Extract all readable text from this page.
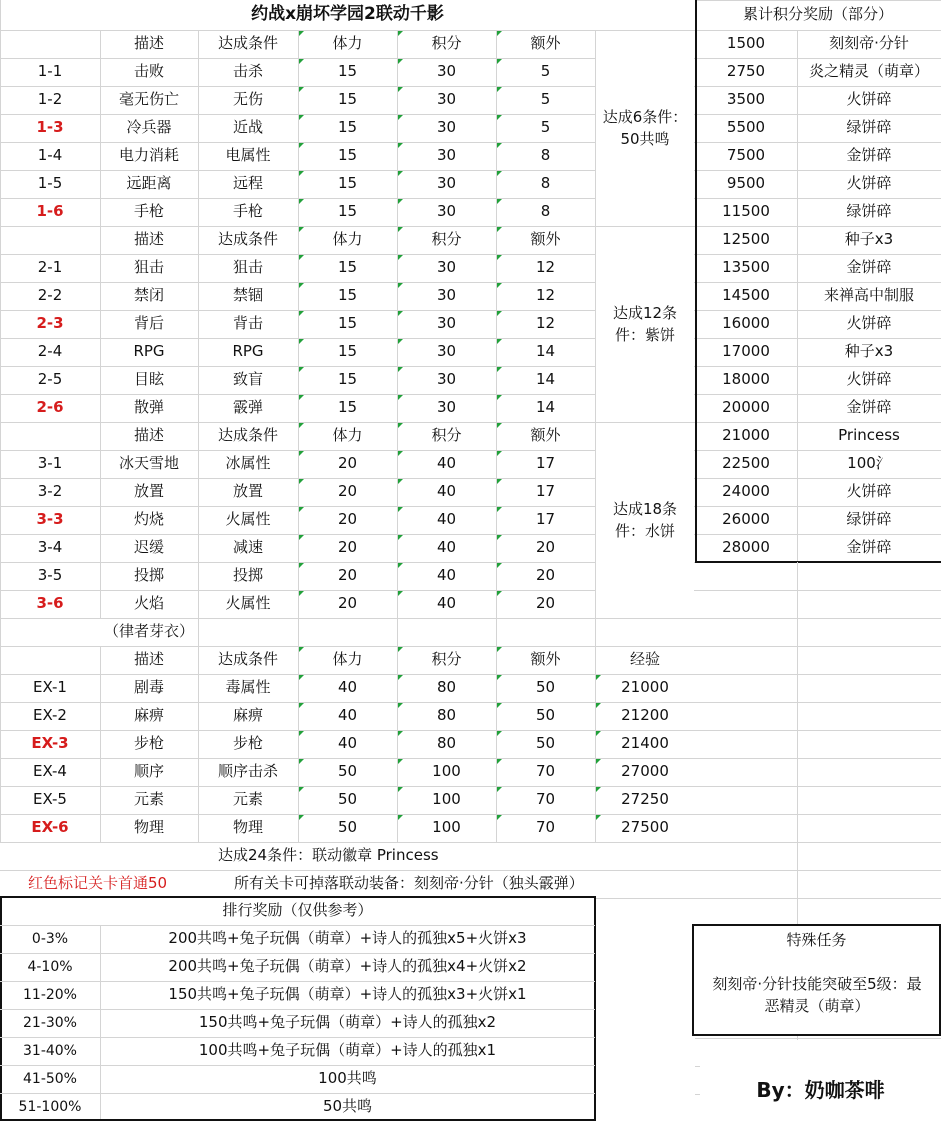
约战x崩坏学园2联动千影
描述	达成条件	体力	积分	额外
1-1	击败	击杀	15	30	5
1-2	毫无伤亡	无伤	15	30	5
1-3	冷兵器	近战	15	30	5
1-4	电力消耗	电属性	15	30	8
1-5	远距离	远程	15	30	8
1-6	手枪	手枪	15	30	8
达成6条件：50共鸣
描述	达成条件	体力	积分	额外
2-1	狙击	狙击	15	30	12
2-2	禁闭	禁锢	15	30	12
2-3	背后	背击	15	30	12
2-4	RPG	RPG	15	30	14
2-5	目眩	致盲	15	30	14
2-6	散弹	霰弹	15	30	14
达成12条件：紫饼
描述	达成条件	体力	积分	额外
3-1	冰天雪地	冰属性	20	40	17
3-2	放置	放置	20	40	17
3-3	灼烧	火属性	20	40	17
3-4	迟缓	减速	20	40	20
3-5	投掷	投掷	20	40	20
3-6	火焰	火属性	20	40	20
达成18条件：水饼
（律者芽衣）
描述	达成条件	体力	积分	额外	经验
EX-1	剧毒	毒属性	40	80	50	21000
EX-2	麻痹	麻痹	40	80	50	21200
EX-3	步枪	步枪	40	80	50	21400
EX-4	顺序	顺序击杀	50	100	70	27000
EX-5	元素	元素	50	100	70	27250
EX-6	物理	物理	50	100	70	27500
达成24条件：联动徽章 Princess
红色标记关卡首通50	所有关卡可掉落联动装备：刻刻帝·分针（独头霰弹）
累计积分奖励（部分）
1500	刻刻帝·分针
2750	炎之精灵（萌章）
3500	火饼碎
5500	绿饼碎
7500	金饼碎
9500	火饼碎
11500	绿饼碎
12500	种子x3
13500	金饼碎
14500	来禅高中制服
16000	火饼碎
17000	种子x3
18000	火饼碎
20000	金饼碎
21000	Princess
22500	100氵
24000	火饼碎
26000	绿饼碎
28000	金饼碎
排行奖励（仅供参考）
0-3%	200共鸣+兔子玩偶（萌章）+诗人的孤独x5+火饼x3
4-10%	200共鸣+兔子玩偶（萌章）+诗人的孤独x4+火饼x2
11-20%	150共鸣+兔子玩偶（萌章）+诗人的孤独x3+火饼x1
21-30%	150共鸣+兔子玩偶（萌章）+诗人的孤独x2
31-40%	100共鸣+兔子玩偶（萌章）+诗人的孤独x1
41-50%	100共鸣
51-100%	50共鸣
特殊任务
刻刻帝·分针技能突破至5级：最恶精灵（萌章）
By：奶咖茶啡
